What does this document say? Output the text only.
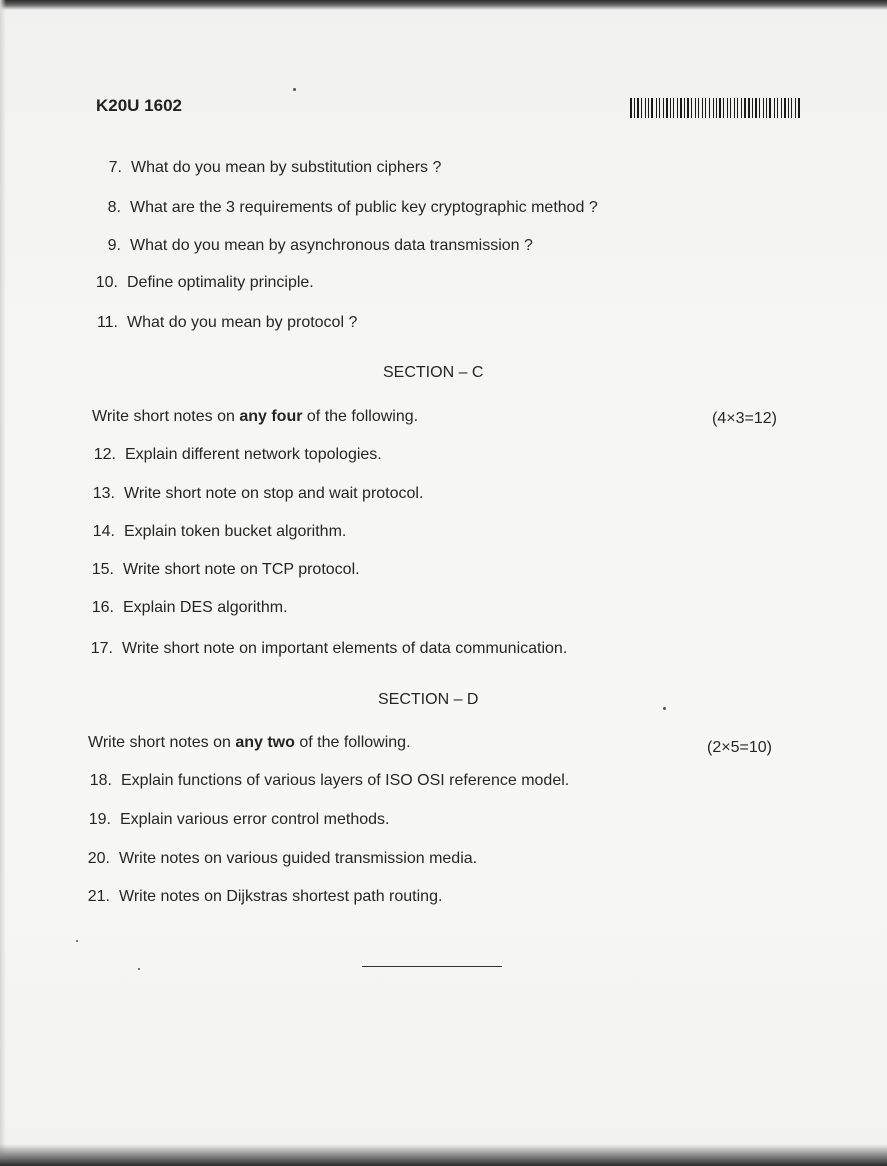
K20U 1602
7. What do you mean by substitution ciphers ?
8. What are the 3 requirements of public key cryptographic method ?
9. What do you mean by asynchronous data transmission ?
10. Define optimality principle.
11. What do you mean by protocol ?
SECTION – C
Write short notes on any four of the following.	(4×3=12)
12. Explain different network topologies.
13. Write short note on stop and wait protocol.
14. Explain token bucket algorithm.
15. Write short note on TCP protocol.
16. Explain DES algorithm.
17. Write short note on important elements of data communication.
SECTION – D
Write short notes on any two of the following.	(2×5=10)
18. Explain functions of various layers of ISO OSI reference model.
19. Explain various error control methods.
20. Write notes on various guided transmission media.
21. Write notes on Dijkstras shortest path routing.
